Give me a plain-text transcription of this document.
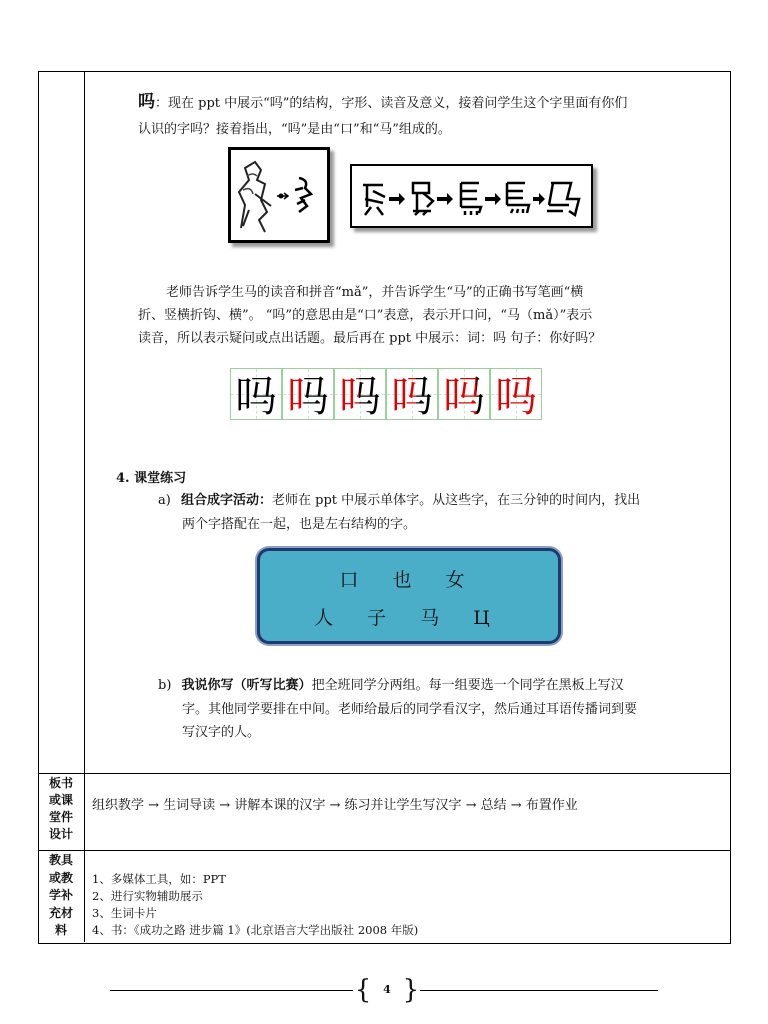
吗：现在 ppt 中展示“吗”的结构，字形、读音及意义，接着问学生这个字里面有你们
认识的字吗？接着指出，“吗”是由“口”和“马”组成的。
老师告诉学生马的读音和拼音“mǎ”，并告诉学生“马”的正确书写笔画“横
折、竖横折钩、横”。 “吗”的意思由是“口”表意，表示开口问，“马（mǎ）”表示
读音，所以表示疑问或点出话题。最后再在 ppt 中展示：词：吗 句子：你好吗？
吗 吗 吗 吗 吗 吗
4. 课堂练习
a) 组合成字活动：老师在 ppt 中展示单体字。从这些字，在三分钟的时间内，找出
两个字搭配在一起，也是左右结构的字。
口 也 女
人 子 马 Ц
b) 我说你写（听写比赛）把全班同学分两组。每一组要选一个同学在黑板上写汉
字。其他同学要排在中间。老师给最后的同学看汉字，然后通过耳语传播词到要
写汉字的人。
板书
或课
堂件
设计
组织教学 → 生词导读 → 讲解本课的汉字 → 练习并让学生写汉字 → 总结 → 布置作业
教具
或教
学补
充材
料
1、多媒体工具，如：PPT
2、进行实物辅助展示
3、生词卡片
4、书：《成功之路 进步篇 1》(北京语言大学出版社 2008 年版)
{ 4 }
